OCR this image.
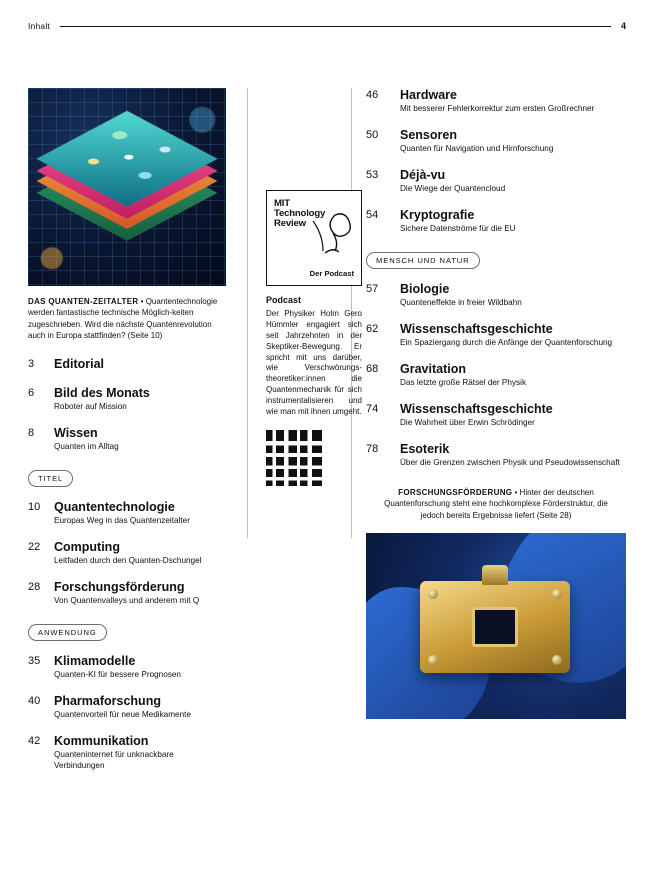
Inhalt	4
DAS QUANTEN-ZEITALTER • Quantentechnologie werden fantastische technische Möglich-keiten zugeschrieben. Wird die nächste Quantenrevolution auch in Europa stattfinden? (Seite 10)
3	Editorial
6	Bild des Monats
Roboter auf Mission
8	Wissen
Quanten im Alltag
TITEL
10	Quantentechnologie
Europas Weg in das Quantenzeitalter
22	Computing
Leitfaden durch den Quanten-Dschungel
28	Forschungsförderung
Von Quantenvalleys und anderem mit Q
ANWENDUNG
35	Klimamodelle
Quanten-KI für bessere Prognosen
40	Pharmaforschung
Quantenvorteil für neue Medikamente
42	Kommunikation
Quanteninternet für unknackbare Verbindungen
MIT
Technology
Review
Der Podcast
Podcast
Der Physiker Holm Gero Hümmler engagiert sich seit Jahrzehnten in der Skeptiker-Bewegung. Er spricht mit uns darüber, wie Verschwörungs-theoretiker:innen die Quantenmechanik für sich instrumentalisieren und wie man mit ihnen umgeht.
46	Hardware
Mit besserer Fehlerkorrektur zum ersten Großrechner
50	Sensoren
Quanten für Navigation und Hirnforschung
53	Déjà-vu
Die Wiege der Quantencloud
54	Kryptografie
Sichere Datenströme für die EU
MENSCH UND NATUR
57	Biologie
Quanteneffekte in freier Wildbahn
62	Wissenschaftsgeschichte
Ein Spaziergang durch die Anfänge der Quantenforschung
68	Gravitation
Das letzte große Rätsel der Physik
74	Wissenschaftsgeschichte
Die Wahrheit über Erwin Schrödinger
78	Esoterik
Über die Grenzen zwischen Physik und Pseudowissenschaft
FORSCHUNGSFÖRDERUNG • Hinter der deutschen Quantenforschung steht eine hochkomplexe Förderstruktur, die jedoch bereits Ergebnisse liefert (Seite 28)
